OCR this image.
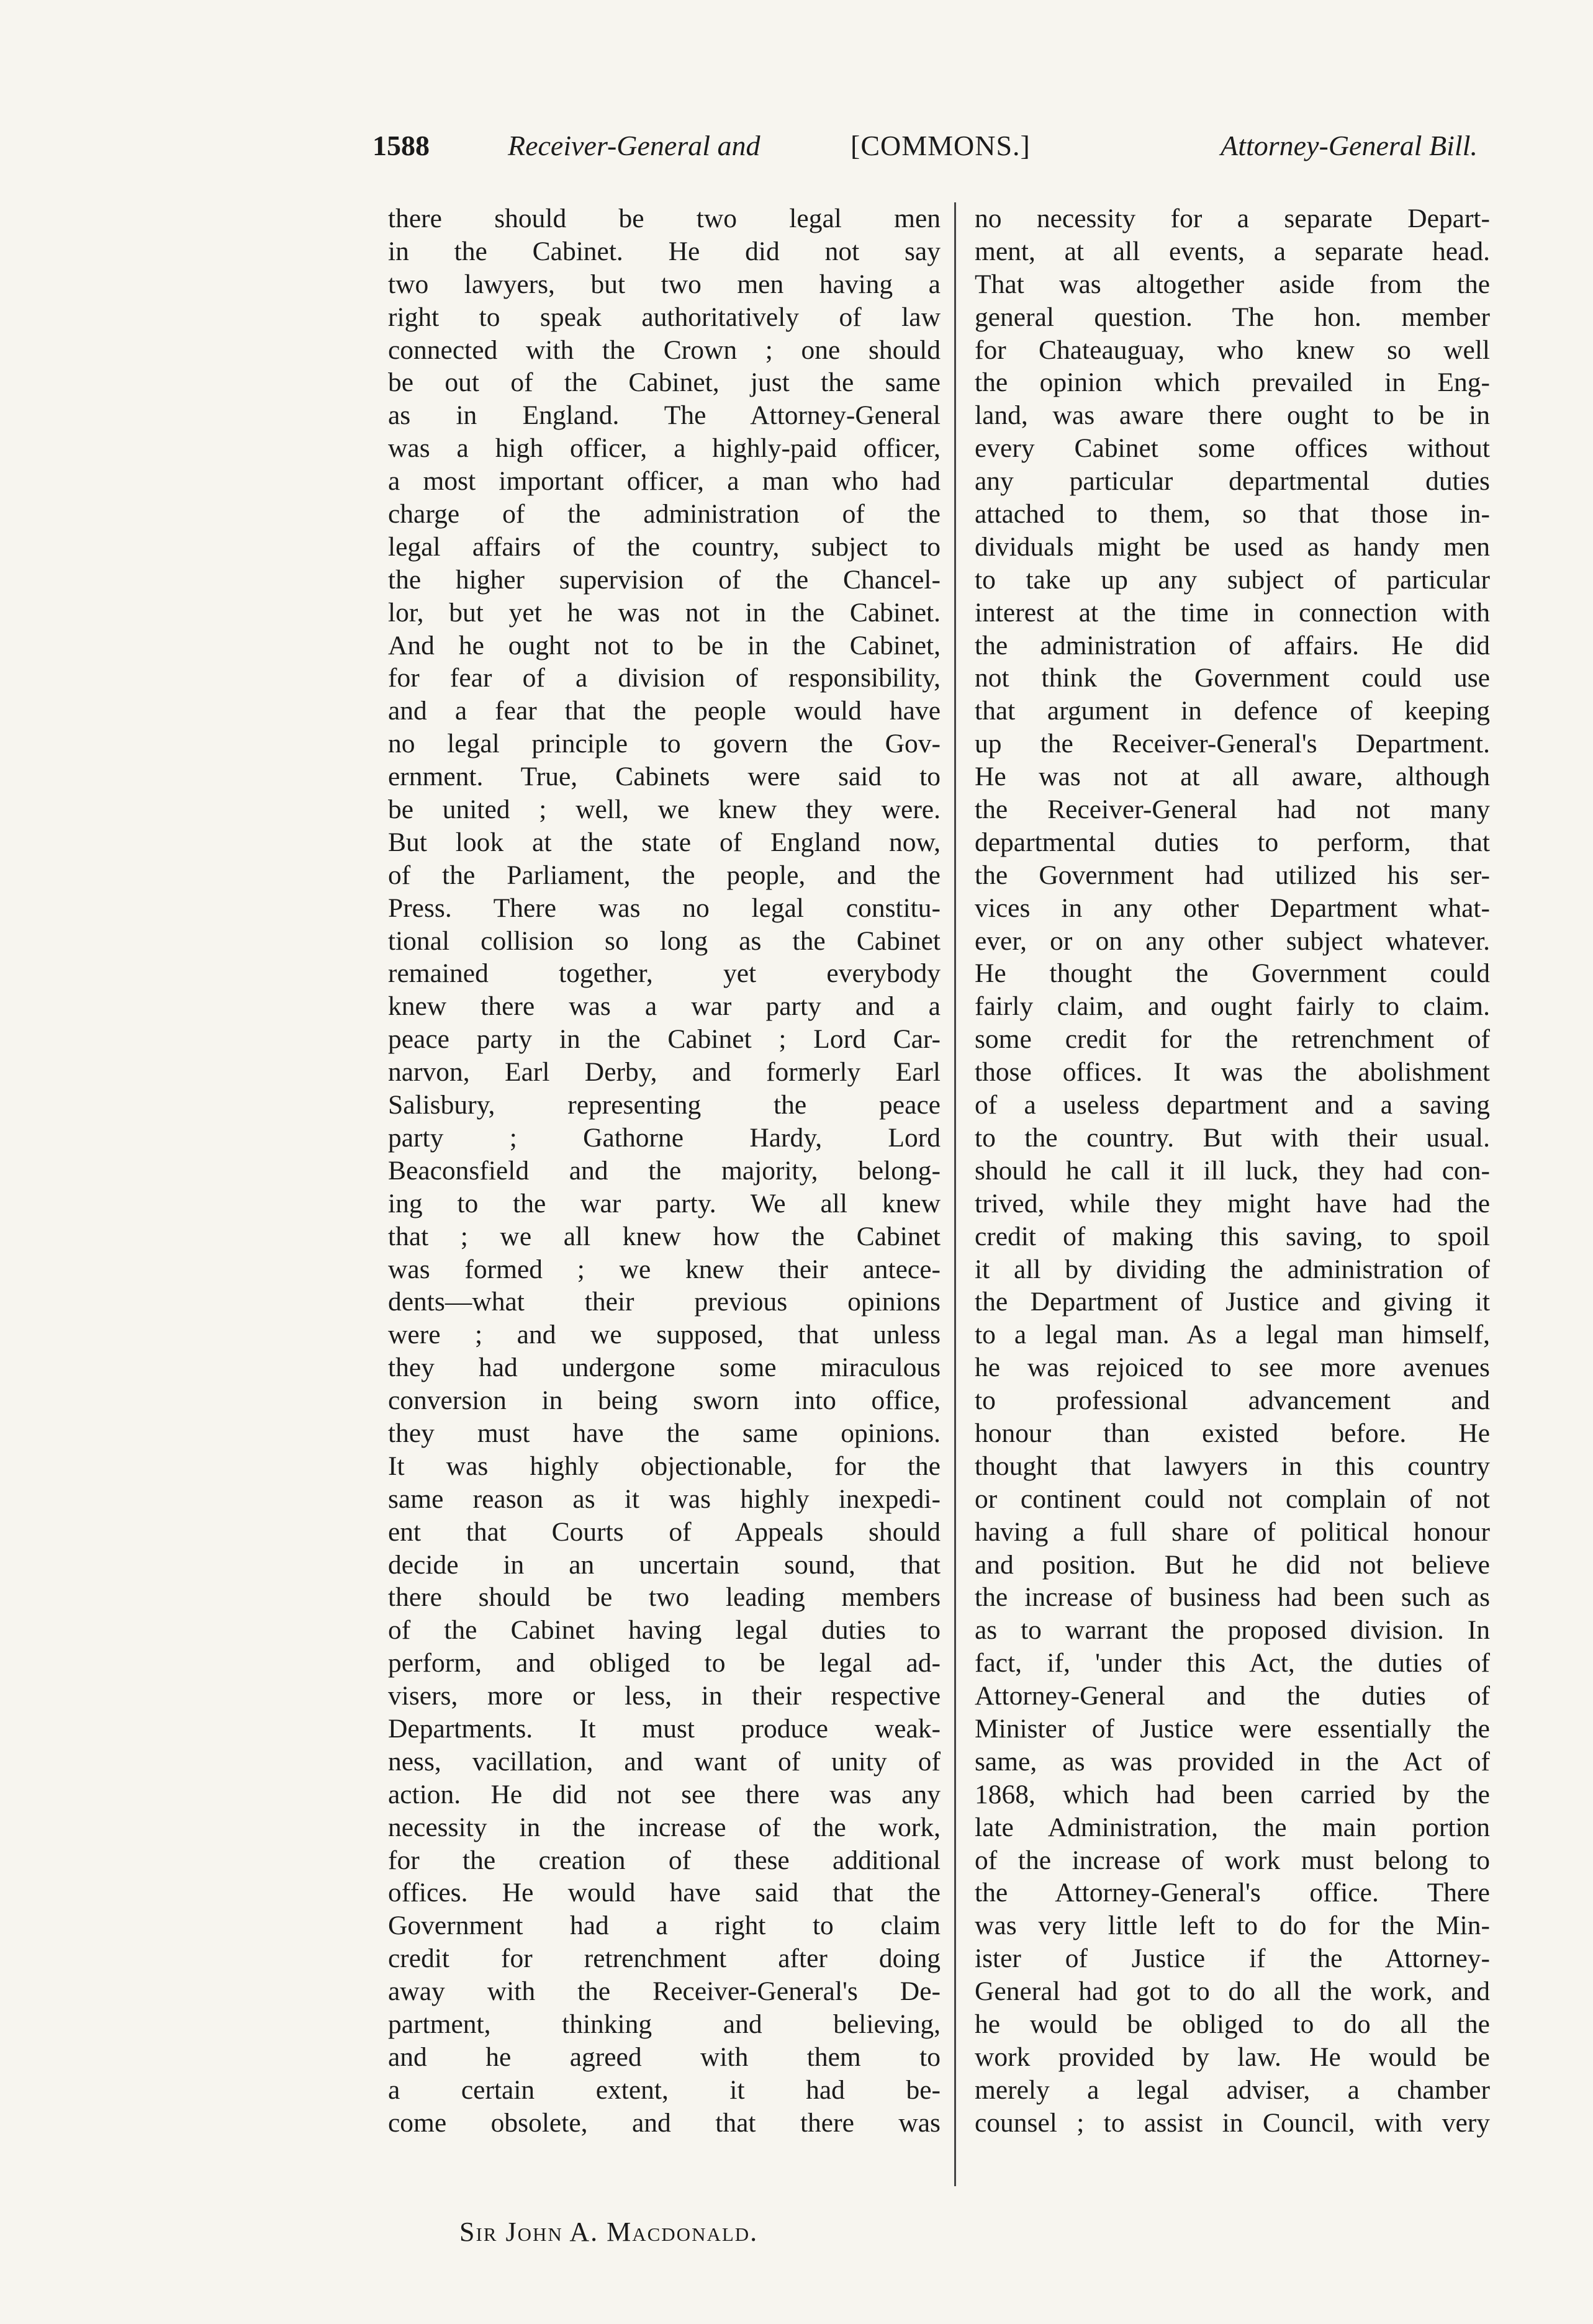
1588	Receiver-General and	[COMMONS.]	Attorney-General Bill.
there should be two legal men
in the Cabinet. He did not say
two lawyers, but two men having a
right to speak authoritatively of law
connected with the Crown ; one should
be out of the Cabinet, just the same
as in England. The Attorney-General
was a high officer, a highly-paid officer,
a most important officer, a man who had
charge of the administration of the
legal affairs of the country, subject to
the higher supervision of the Chancel-
lor, but yet he was not in the Cabinet.
And he ought not to be in the Cabinet,
for fear of a division of responsibility,
and a fear that the people would have
no legal principle to govern the Gov-
ernment. True, Cabinets were said to
be united ; well, we knew they were.
But look at the state of England now,
of the Parliament, the people, and the
Press. There was no legal constitu-
tional collision so long as the Cabinet
remained together, yet everybody
knew there was a war party and a
peace party in the Cabinet ; Lord Car-
narvon, Earl Derby, and formerly Earl
Salisbury, representing the peace
party ; Gathorne Hardy, Lord
Beaconsfield and the majority, belong-
ing to the war party. We all knew
that ; we all knew how the Cabinet
was formed ; we knew their antece-
dents—what their previous opinions
were ; and we supposed, that unless
they had undergone some miraculous
conversion in being sworn into office,
they must have the same opinions.
It was highly objectionable, for the
same reason as it was highly inexpedi-
ent that Courts of Appeals should
decide in an uncertain sound, that
there should be two leading members
of the Cabinet having legal duties to
perform, and obliged to be legal ad-
visers, more or less, in their respective
Departments. It must produce weak-
ness, vacillation, and want of unity of
action. He did not see there was any
necessity in the increase of the work,
for the creation of these additional
offices. He would have said that the
Government had a right to claim
credit for retrenchment after doing
away with the Receiver-General's De-
partment, thinking and believing,
and he agreed with them to
a certain extent, it had be-
come obsolete, and that there was
no necessity for a separate Depart-
ment, at all events, a separate head.
That was altogether aside from the
general question. The hon. member
for Chateauguay, who knew so well
the opinion which prevailed in Eng-
land, was aware there ought to be in
every Cabinet some offices without
any particular departmental duties
attached to them, so that those in-
dividuals might be used as handy men
to take up any subject of particular
interest at the time in connection with
the administration of affairs. He did
not think the Government could use
that argument in defence of keeping
up the Receiver-General's Department.
He was not at all aware, although
the Receiver-General had not many
departmental duties to perform, that
the Government had utilized his ser-
vices in any other Department what-
ever, or on any other subject whatever.
He thought the Government could
fairly claim, and ought fairly to claim.
some credit for the retrenchment of
those offices. It was the abolishment
of a useless department and a saving
to the country. But with their usual.
should he call it ill luck, they had con-
trived, while they might have had the
credit of making this saving, to spoil
it all by dividing the administration of
the Department of Justice and giving it
to a legal man. As a legal man himself,
he was rejoiced to see more avenues
to professional advancement and
honour than existed before. He
thought that lawyers in this country
or continent could not complain of not
having a full share of political honour
and position. But he did not believe
the increase of business had been such as
as to warrant the proposed division. In
fact, if, 'under this Act, the duties of
Attorney-General and the duties of
Minister of Justice were essentially the
same, as was provided in the Act of
1868, which had been carried by the
late Administration, the main portion
of the increase of work must belong to
the Attorney-General's office. There
was very little left to do for the Min-
ister of Justice if the Attorney-
General had got to do all the work, and
he would be obliged to do all the
work provided by law. He would be
merely a legal adviser, a chamber
counsel ; to assist in Council, with very
Sir John A. Macdonald.
